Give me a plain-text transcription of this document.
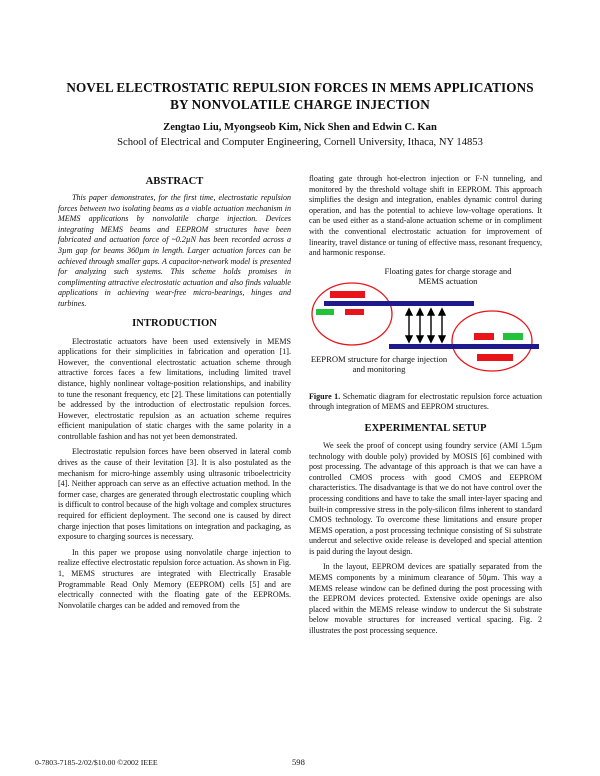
NOVEL ELECTROSTATIC REPULSION FORCES IN MEMS APPLICATIONS
BY NONVOLATILE CHARGE INJECTION
Zengtao Liu, Myongseob Kim, Nick Shen and Edwin C. Kan
School of Electrical and Computer Engineering, Cornell University, Ithaca, NY 14853
ABSTRACT

This paper demonstrates, for the first time, electrostatic repulsion forces between two isolating beams as a viable actuation mechanism in MEMS applications by nonvolatile charge injection. Devices integrating MEMS beams and EEPROM structures have been fabricated and actuation force of ~0.2µN has been recorded across a 3µm gap for beams 360µm in length. Larger actuation forces can be achieved through smaller gaps. A capacitor-network model is presented for analyzing such systems. This scheme holds promises in complimenting attractive electrostatic actuation and also finds valuable applications in achieving wear-free micro-bearings, hinges and turbines.

INTRODUCTION

Electrostatic actuators have been used extensively in MEMS applications for their simplicities in fabrication and operation [1]. However, the conventional electrostatic actuation scheme through attractive forces faces a few limitations, including limited travel distance, highly nonlinear voltage-position relationships, and inability to tune the resonant frequency, etc [2]. These limitations can potentially be addressed by the introduction of electrostatic repulsion forces. However, electrostatic repulsion as an actuation scheme requires efficient manipulation of static charges with the same polarity in a controllable fashion and has not yet been demonstrated.

Electrostatic repulsion forces have been observed in lateral comb drives as the cause of their levitation [3]. It is also postulated as the mechanism for micro-hinge assembly using ultrasonic triboelectricity [4]. Neither approach can serve as an effective actuation method. In the former case, charges are generated through electrostatic coupling which is difficult to control because of the high voltage and complex structures required for efficient deployment. The second one is caused by direct charge injection that poses limitations on integration and packaging, as exposure to charging sources is necessary.

In this paper we propose using nonvolatile charge injection to realize effective electrostatic repulsion force actuation. As shown in Fig. 1, MEMS structures are integrated with Electrically Erasable Programmable Read Only Memory (EEPROM) cells [5] and are electrically connected with the floating gate of the EEPROMs. Nonvolatile charges can be added and removed from the

floating gate through hot-electron injection or F-N tunneling, and monitored by the threshold voltage shift in EEPROM. This approach simplifies the design and integration, enables dynamic control during operation, and has the potential to achieve low-voltage operations. It can be used either as a stand-alone actuation scheme or in compliment with the conventional electrostatic actuation for improvement of linearity, travel distance or tuning of effective mass, resonant frequency, and harmonic response.

Floating gates for charge storage and MEMS actuation
EEPROM structure for charge injection and monitoring
Figure 1. Schematic diagram for electrostatic repulsion force actuation through integration of MEMS and EEPROM structures.
EXPERIMENTAL SETUP

We seek the proof of concept using foundry service (AMI 1.5µm technology with double poly) provided by MOSIS [6] combined with post processing. The advantage of this approach is that we can have a controlled CMOS process with good CMOS and EEPROM characteristics. The disadvantage is that we do not have control over the processing conditions and have to take the small inter-layer spacing and built-in compressive stress in the poly-silicon films inherent to standard CMOS technology. To overcome these limitations and ensure proper MEMS operation, a post processing technique consisting of Si substrate undercut and selective oxide release is developed and special attention is paid during the layout design.

In the layout, EEPROM devices are spatially separated from the MEMS components by a minimum clearance of 50µm. This way a MEMS release window can be defined during the post processing with the EEPROM devices protected. Extensive oxide openings are also placed within the MEMS release window to undercut the Si substrate below movable structures for increased vertical spacing. Fig. 2 illustrates the post processing sequence.

0-7803-7185-2/02/$10.00 ©2002 IEEE	598
